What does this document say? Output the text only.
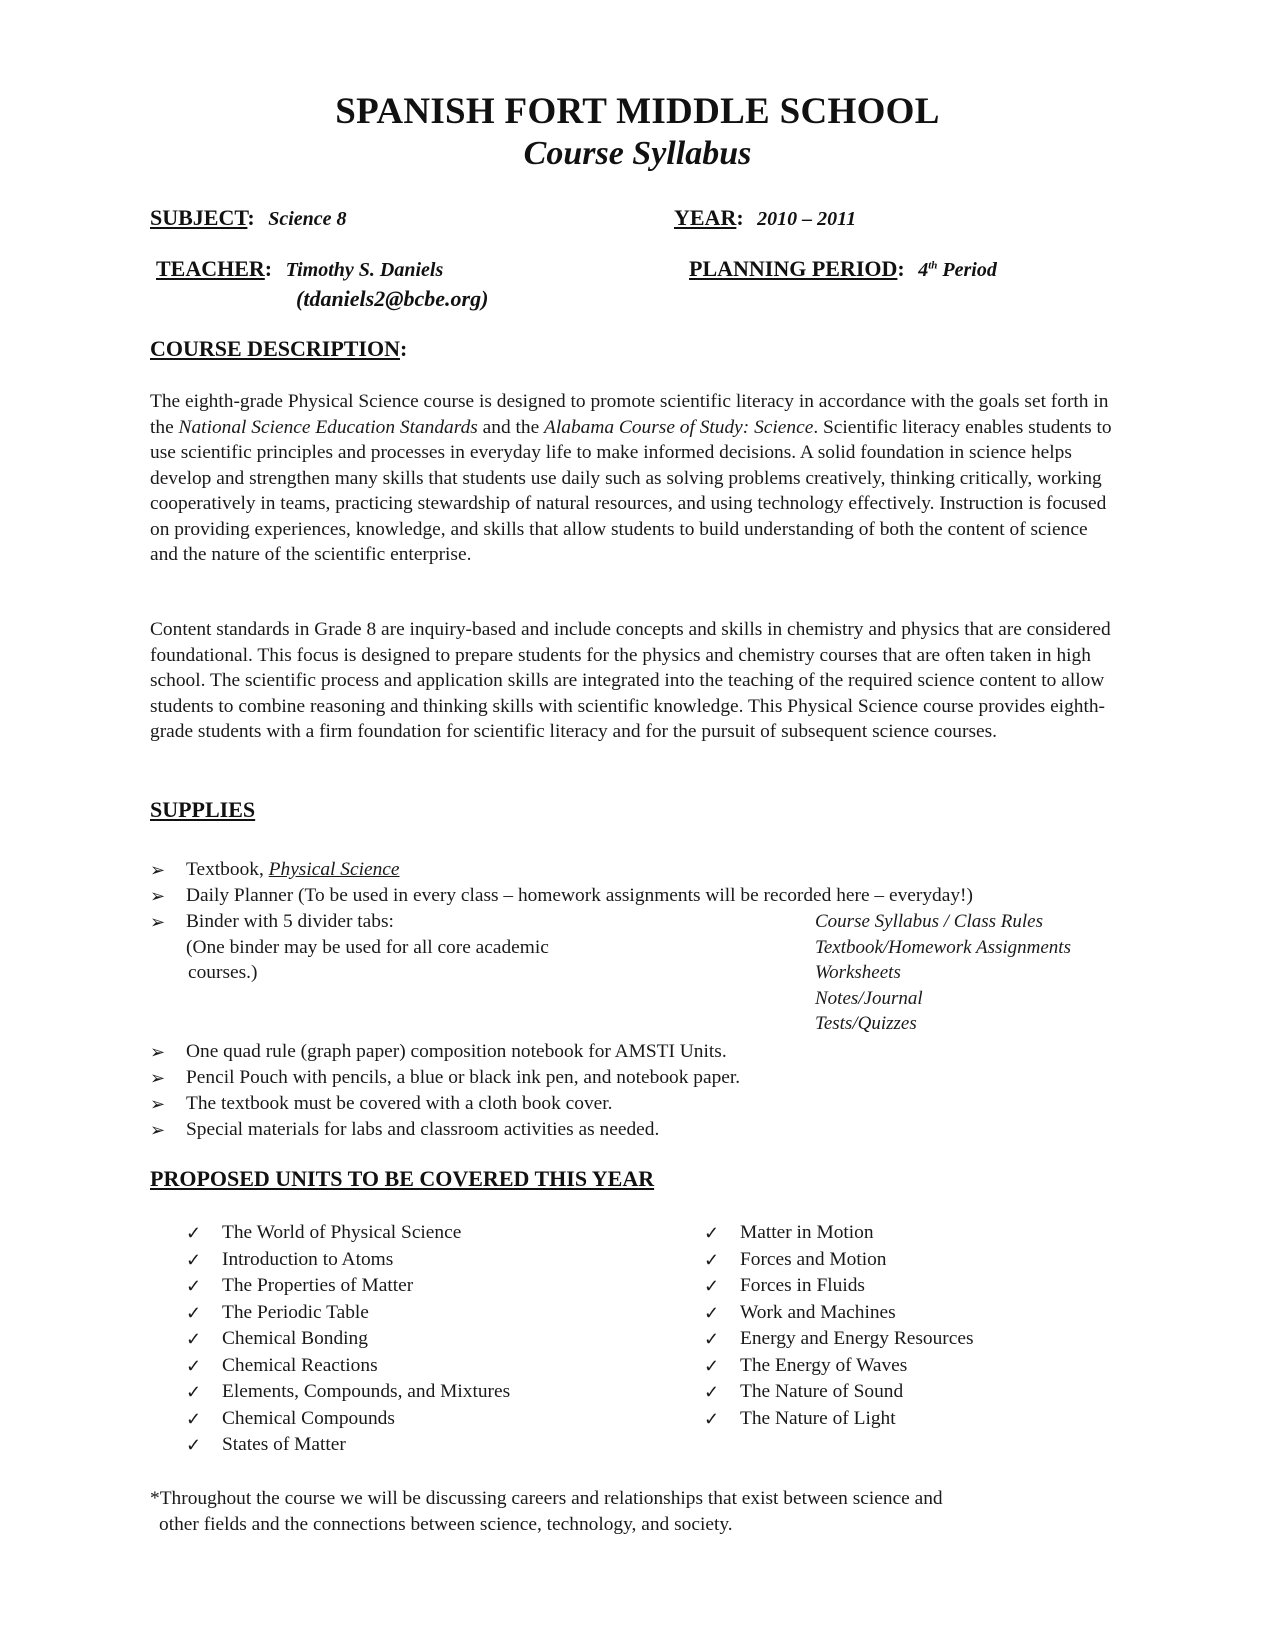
SPANISH FORT MIDDLE SCHOOL
Course Syllabus
SUBJECT: Science 8	YEAR: 2010 – 2011
TEACHER: Timothy S. Daniels
(tdaniels2@bcbe.org)
PLANNING PERIOD: 4th Period
COURSE DESCRIPTION:

The eighth-grade Physical Science course is designed to promote scientific literacy in accordance with the goals set forth in the National Science Education Standards and the Alabama Course of Study: Science. Scientific literacy enables students to use scientific principles and processes in everyday life to make informed decisions. A solid foundation in science helps develop and strengthen many skills that students use daily such as solving problems creatively, thinking critically, working cooperatively in teams, practicing stewardship of natural resources, and using technology effectively. Instruction is focused on providing experiences, knowledge, and skills that allow students to build understanding of both the content of science and the nature of the scientific enterprise.

Content standards in Grade 8 are inquiry-based and include concepts and skills in chemistry and physics that are considered foundational. This focus is designed to prepare students for the physics and chemistry courses that are often taken in high school. The scientific process and application skills are integrated into the teaching of the required science content to allow students to combine reasoning and thinking skills with scientific knowledge. This Physical Science course provides eighth-grade students with a firm foundation for scientific literacy and for the pursuit of subsequent science courses.

SUPPLIES
➢	Textbook, Physical Science
➢	Daily Planner (To be used in every class – homework assignments will be recorded here – everyday!)
➢	Binder with 5 divider tabs:
(One binder may be used for all core academic
courses.)
Course Syllabus / Class Rules
Textbook/Homework Assignments
Worksheets
Notes/Journal
Tests/Quizzes
➢	One quad rule (graph paper) composition notebook for AMSTI Units.
➢	Pencil Pouch with pencils, a blue or black ink pen, and notebook paper.
➢	The textbook must be covered with a cloth book cover.
➢	Special materials for labs and classroom activities as needed.
PROPOSED UNITS TO BE COVERED THIS YEAR
✓	The World of Physical Science
✓	Introduction to Atoms
✓	The Properties of Matter
✓	The Periodic Table
✓	Chemical Bonding
✓	Chemical Reactions
✓	Elements, Compounds, and Mixtures
✓	Chemical Compounds
✓	States of Matter
✓	Matter in Motion
✓	Forces and Motion
✓	Forces in Fluids
✓	Work and Machines
✓	Energy and Energy Resources
✓	The Energy of Waves
✓	The Nature of Sound
✓	The Nature of Light

*Throughout the course we will be discussing careers and relationships that exist between science and
other fields and the connections between science, technology, and society.
